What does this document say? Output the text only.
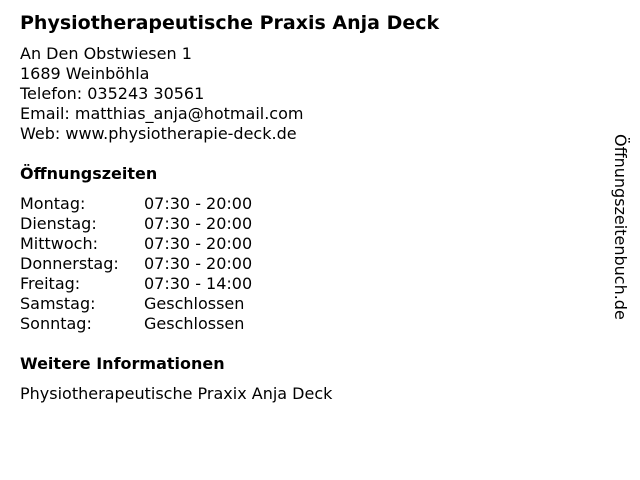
Physiotherapeutische Praxis Anja Deck
An Den Obstwiesen 1
1689 Weinböhla
Telefon: 035243 30561
Email: matthias_anja@hotmail.com
Web: www.physiotherapie-deck.de
Öffnungszeiten
Montag:	07:30 - 20:00
Dienstag:	07:30 - 20:00
Mittwoch:	07:30 - 20:00
Donnerstag:	07:30 - 20:00
Freitag:	07:30 - 14:00
Samstag:	Geschlossen
Sonntag:	Geschlossen
Weitere Informationen
Physiotherapeutische Praxix Anja Deck
Öffnungszeitenbuch.de
